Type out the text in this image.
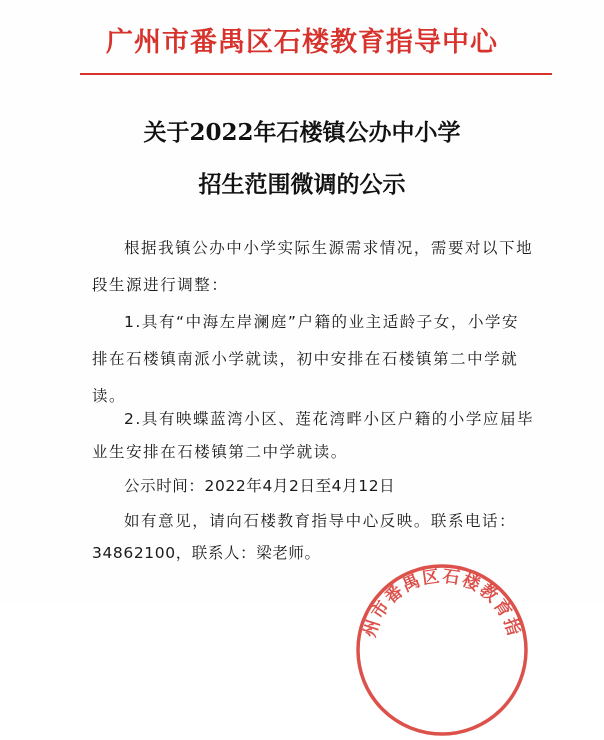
广州市番禺区石楼教育指导中心
关于2022年石楼镇公办中小学
招生范围微调的公示
根据我镇公办中小学实际生源需求情况，需要对以下地
段生源进行调整：
1.具有“中海左岸澜庭”户籍的业主适龄子女，小学安
排在石楼镇南派小学就读，初中安排在石楼镇第二中学就
读。
2.具有映蝶蓝湾小区、莲花湾畔小区户籍的小学应届毕
业生安排在石楼镇第二中学就读。
公示时间：2022年4月2日至4月12日
如有意见，请向石楼教育指导中心反映。联系电话：
34862100，联系人：梁老师。
州市番禺区石楼教育指
